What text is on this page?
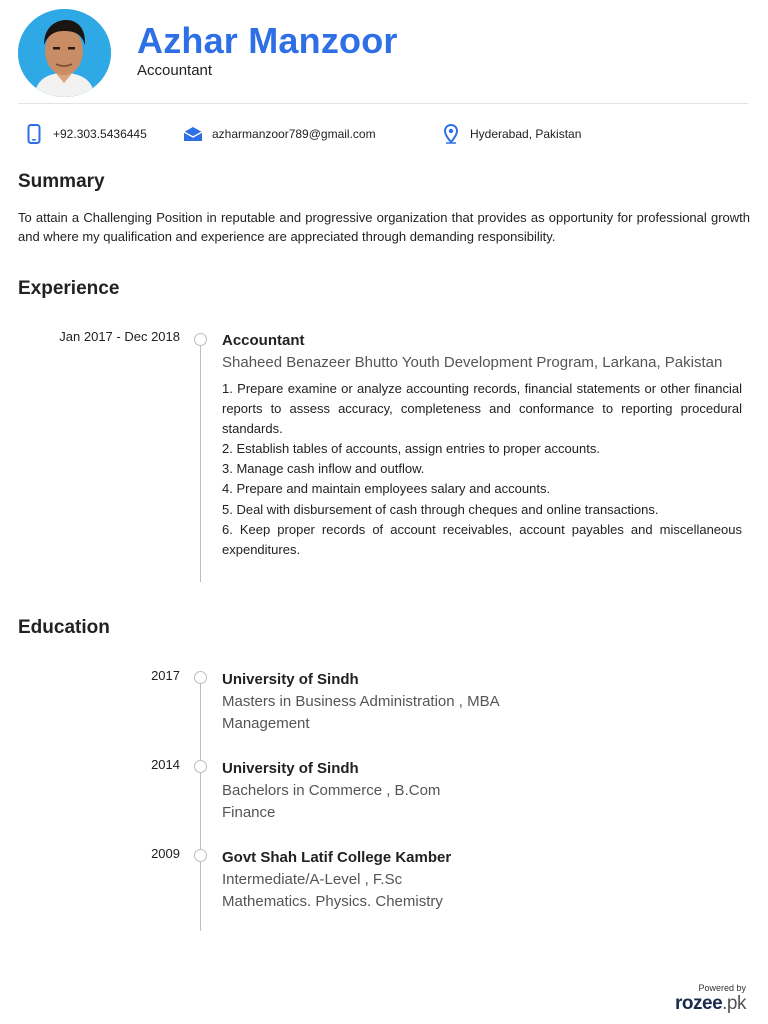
Azhar Manzoor
Accountant
+92.303.5436445	azharmanzoor789@gmail.com	Hyderabad, Pakistan
Summary
To attain a Challenging Position in reputable and progressive organization that provides as opportunity for professional growth and where my qualification and experience are appreciated through demanding responsibility.
Experience
Jan 2017 - Dec 2018	Accountant
Shaheed Benazeer Bhutto Youth Development Program, Larkana, Pakistan
1. Prepare examine or analyze accounting records, financial statements or other financial reports to assess accuracy, completeness and conformance to reporting procedural standards.
2. Establish tables of accounts, assign entries to proper accounts.
3. Manage cash inflow and outflow.
4. Prepare and maintain employees salary and accounts.
5. Deal with disbursement of cash through cheques and online transactions.
6. Keep proper records of account receivables, account payables and miscellaneous expenditures.
Education
2017	University of Sindh
Masters in Business Administration , MBA
Management
2014	University of Sindh
Bachelors in Commerce , B.Com
Finance
2009	Govt Shah Latif College Kamber
Intermediate/A-Level , F.Sc
Mathematics. Physics. Chemistry
Powered by
rozee.pk
